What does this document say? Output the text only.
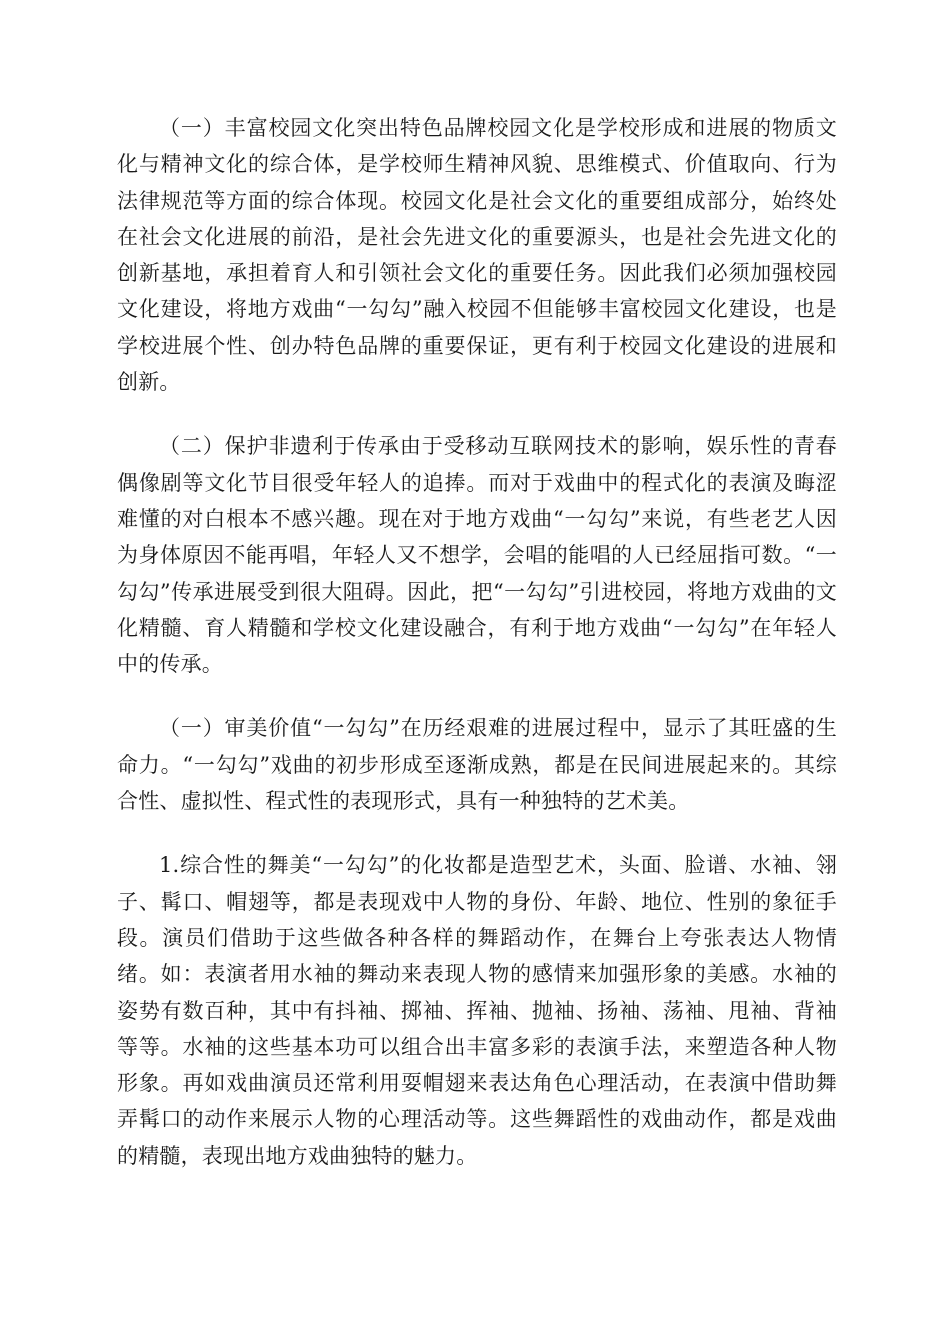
（一）丰富校园文化突出特色品牌校园文化是学校形成和进展的物质文化与精神文化的综合体，是学校师生精神风貌、思维模式、价值取向、行为法律规范等方面的综合体现。校园文化是社会文化的重要组成部分，始终处在社会文化进展的前沿，是社会先进文化的重要源头，也是社会先进文化的创新基地，承担着育人和引领社会文化的重要任务。因此我们必须加强校园文化建设，将地方戏曲“一勾勾”融入校园不但能够丰富校园文化建设，也是学校进展个性、创办特色品牌的重要保证，更有利于校园文化建设的进展和创新。

（二）保护非遗利于传承由于受移动互联网技术的影响，娱乐性的青春偶像剧等文化节目很受年轻人的追捧。而对于戏曲中的程式化的表演及晦涩难懂的对白根本不感兴趣。现在对于地方戏曲“一勾勾”来说，有些老艺人因为身体原因不能再唱，年轻人又不想学，会唱的能唱的人已经屈指可数。“一勾勾”传承进展受到很大阻碍。因此，把“一勾勾”引进校园，将地方戏曲的文化精髓、育人精髓和学校文化建设融合，有利于地方戏曲“一勾勾”在年轻人中的传承。

（一）审美价值“一勾勾”在历经艰难的进展过程中，显示了其旺盛的生命力。“一勾勾”戏曲的初步形成至逐渐成熟，都是在民间进展起来的。其综合性、虚拟性、程式性的表现形式，具有一种独特的艺术美。

1.综合性的舞美“一勾勾”的化妆都是造型艺术，头面、脸谱、水袖、翎子、髯口、帽翅等，都是表现戏中人物的身份、年龄、地位、性别的象征手段。演员们借助于这些做各种各样的舞蹈动作，在舞台上夸张表达人物情绪。如：表演者用水袖的舞动来表现人物的感情来加强形象的美感。水袖的姿势有数百种，其中有抖袖、掷袖、挥袖、抛袖、扬袖、荡袖、甩袖、背袖等等。水袖的这些基本功可以组合出丰富多彩的表演手法，来塑造各种人物形象。再如戏曲演员还常利用耍帽翅来表达角色心理活动，在表演中借助舞弄髯口的动作来展示人物的心理活动等。这些舞蹈性的戏曲动作，都是戏曲的精髓，表现出地方戏曲独特的魅力。
